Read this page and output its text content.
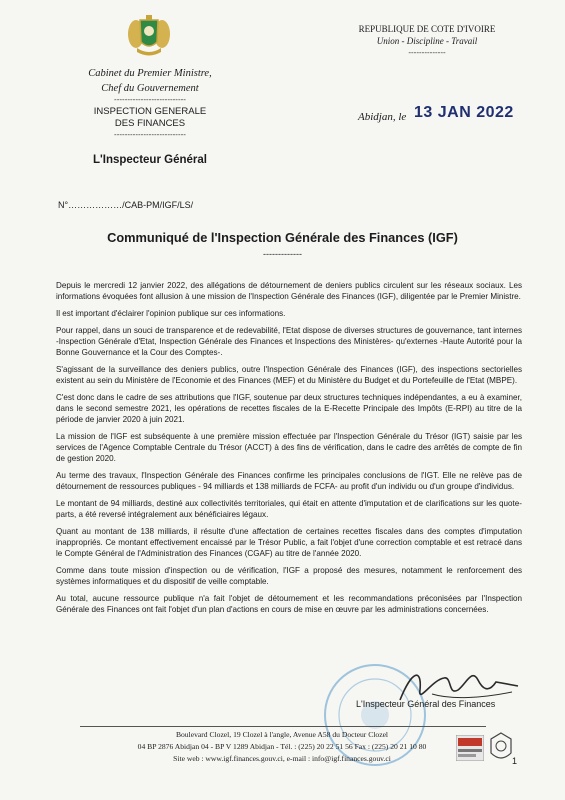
Cabinet du Premier Ministre,
Chef du Gouvernement
---------------------------
INSPECTION GENERALE
DES FINANCES
---------------------------
L'Inspecteur Général
REPUBLIQUE DE COTE D'IVOIRE
Union - Discipline - Travail
--------------
Abidjan, le 13 JAN 2022
N°………………/CAB-PM/IGF/LS/
Communiqué de l'Inspection Générale des Finances (IGF)
-------------

Depuis le mercredi 12 janvier 2022, des allégations de détournement de deniers publics circulent sur les réseaux sociaux. Les informations évoquées font allusion à une mission de l'Inspection Générale des Finances (IGF), diligentée par le Premier Ministre.

Il est important d'éclairer l'opinion publique sur ces informations.

Pour rappel, dans un souci de transparence et de redevabilité, l'Etat dispose de diverses structures de gouvernance, tant internes -Inspection Générale d'Etat, Inspection Générale des Finances et Inspections des Ministères- qu'externes -Haute Autorité pour la Bonne Gouvernance et la Cour des Comptes-.

S'agissant de la surveillance des deniers publics, outre l'Inspection Générale des Finances (IGF), des inspections sectorielles existent au sein du Ministère de l'Economie et des Finances (MEF) et du Ministère du Budget et du Portefeuille de l'Etat (MBPE).

C'est donc dans le cadre de ses attributions que l'IGF, soutenue par deux structures techniques indépendantes, a eu à examiner, dans le second semestre 2021, les opérations de recettes fiscales de la E-Recette Principale des Impôts (E-RPI) au titre de la période de janvier 2020 à juin 2021.

La mission de l'IGF est subséquente à une première mission effectuée par l'Inspection Générale du Trésor (IGT) saisie par les services de l'Agence Comptable Centrale du Trésor (ACCT) à des fins de vérification, dans le cadre des arrêtés de compte de fin de gestion 2020.

Au terme des travaux, l'Inspection Générale des Finances confirme les principales conclusions de l'IGT. Elle ne relève pas de détournement de ressources publiques - 94 milliards et 138 milliards de FCFA- au profit d'un individu ou d'un groupe d'individus.

Le montant de 94 milliards, destiné aux collectivités territoriales, qui était en attente d'imputation et de clarifications sur les quote-parts, a été reversé intégralement aux bénéficiaires légaux.

Quant au montant de 138 milliards, il résulte d'une affectation de certaines recettes fiscales dans des comptes d'imputation inappropriés. Ce montant effectivement encaissé par le Trésor Public, a fait l'objet d'une correction comptable et est retracé dans le Compte Général de l'Administration des Finances (CGAF) au titre de l'année 2020.

Comme dans toute mission d'inspection ou de vérification, l'IGF a proposé des mesures, notamment le renforcement des systèmes informatiques et du dispositif de veille comptable.

Au total, aucune ressource publique n'a fait l'objet de détournement et les recommandations préconisées par l'Inspection Générale des Finances ont fait l'objet d'un plan d'actions en cours de mise en œuvre par les administrations concernées.

L'Inspecteur Général des Finances
Boulevard Clozel, 19 Clozel à l'angle, Avenue A58 du Docteur Clozel
04 BP 2876 Abidjan 04 - BP V 1289 Abidjan - Tél. : (225) 20 22 51 56 Fax : (225) 20 21 10 80
Site web : www.igf.finances.gouv.ci, e-mail : info@igf.finances.gouv.ci	1
